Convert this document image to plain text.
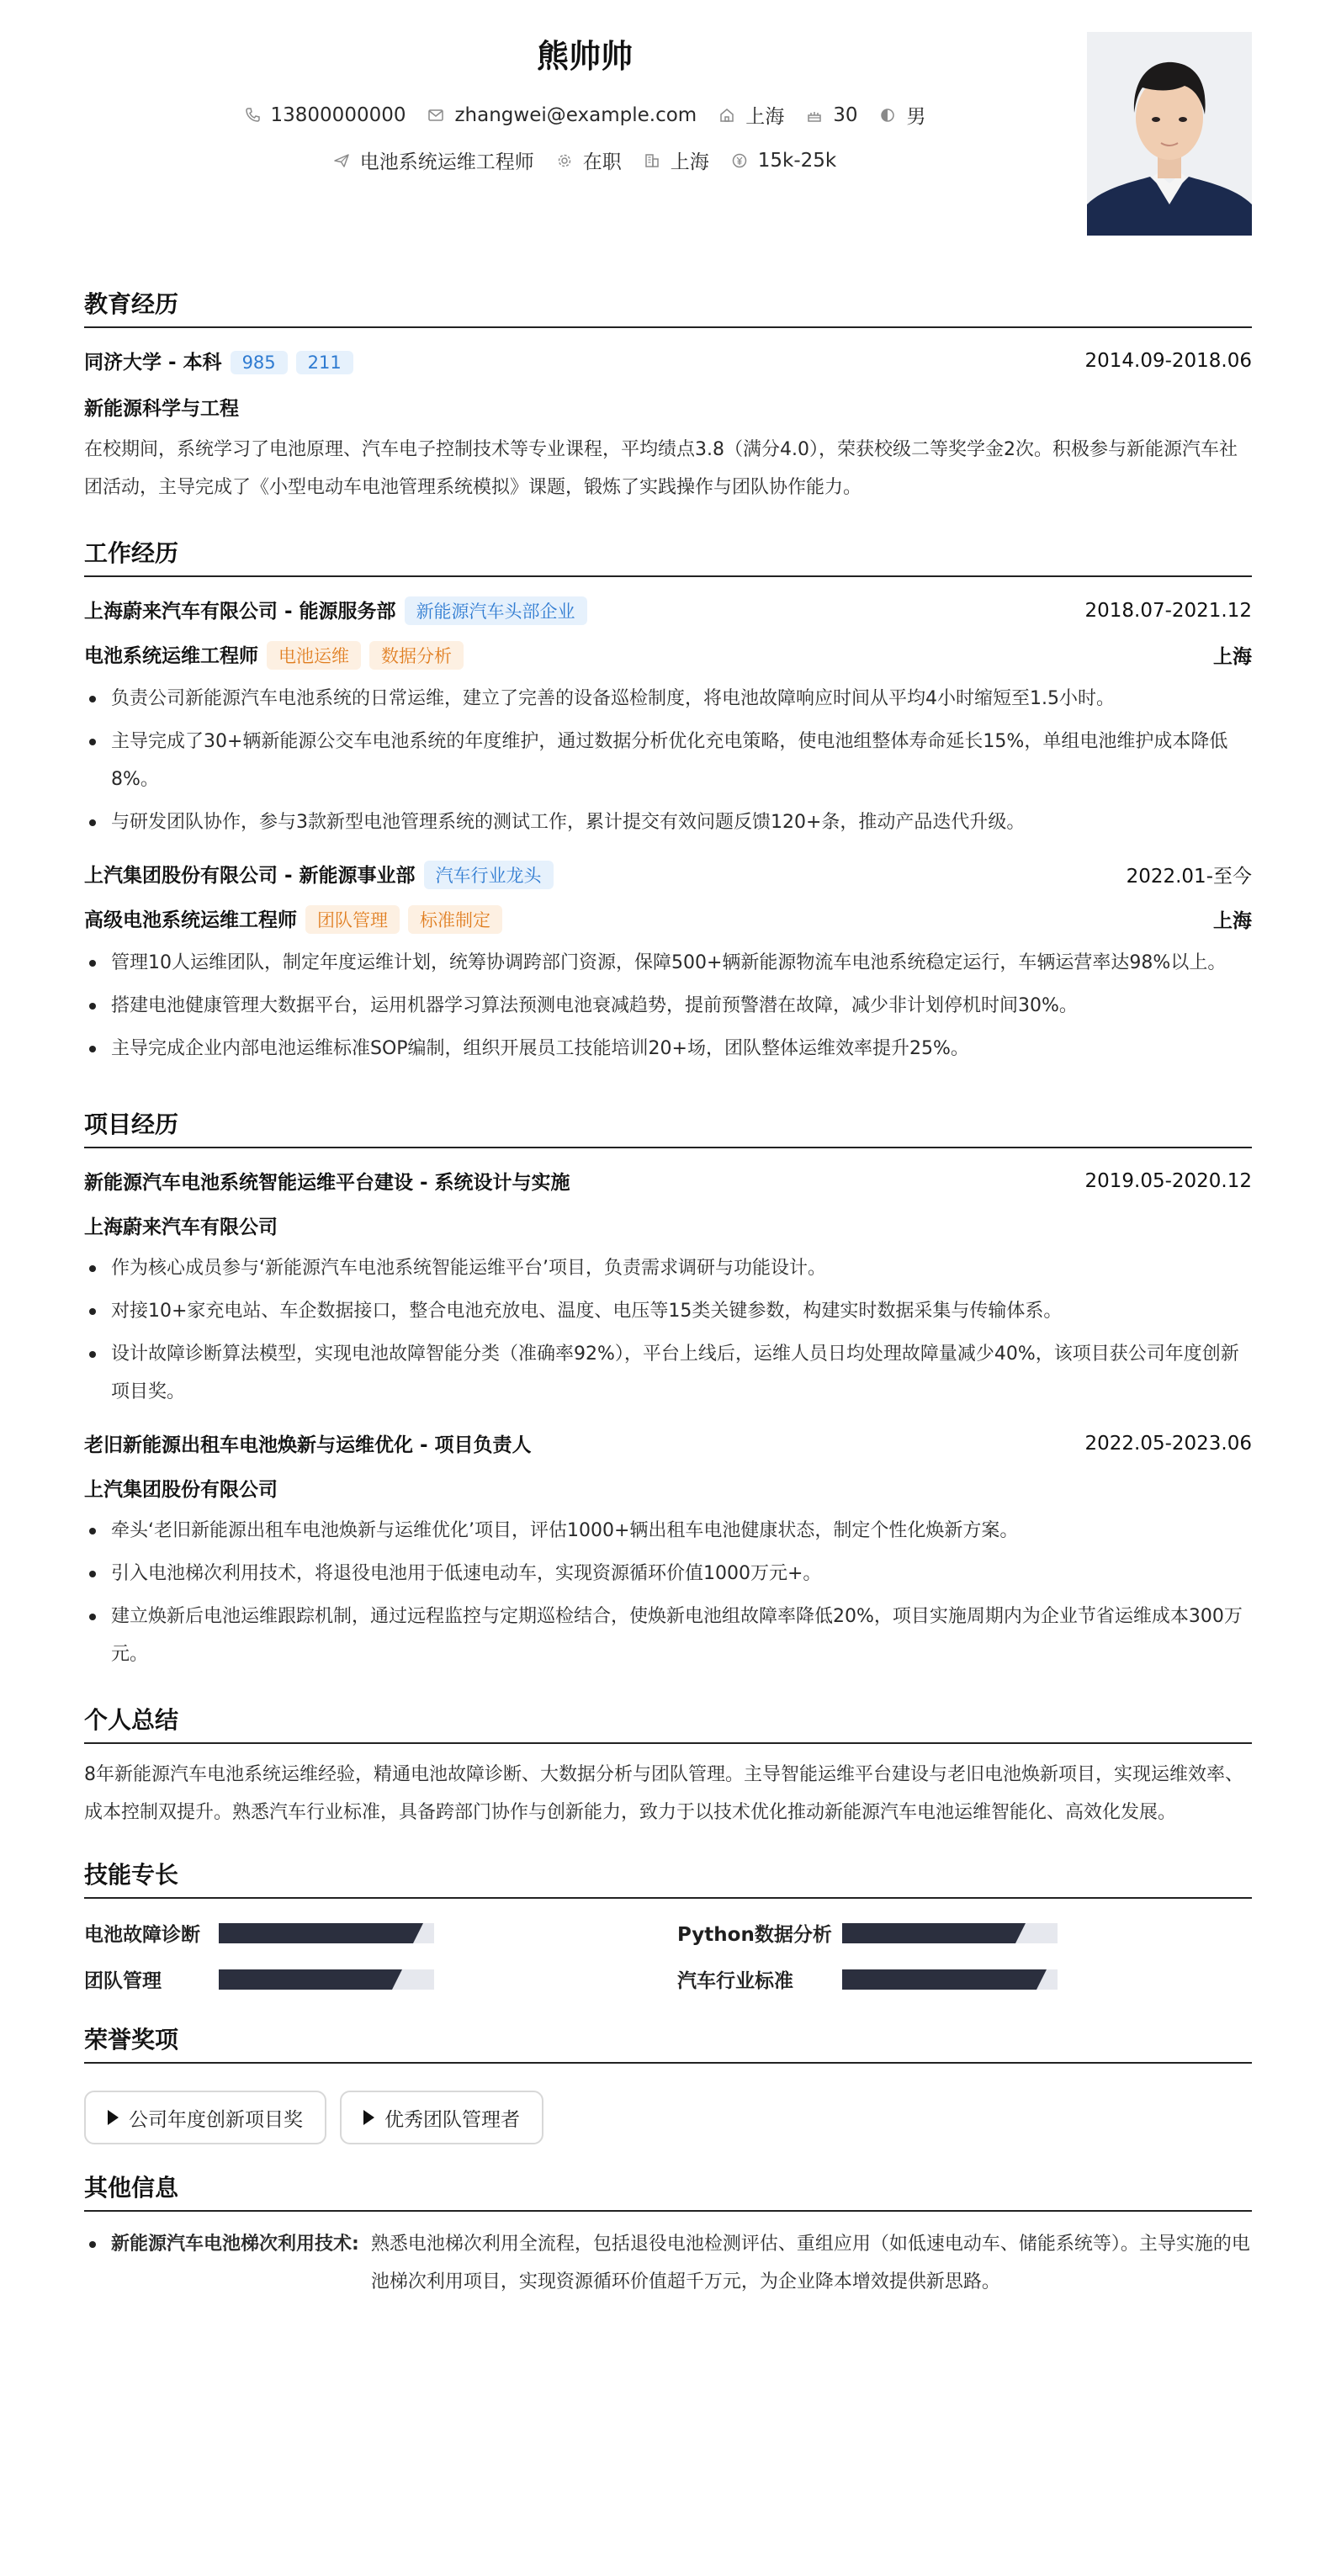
熊帅帅
13800000000	zhangwei@example.com	上海	30	男
电池系统运维工程师	在职	上海	15k-25k
教育经历
同济大学 - 本科 985 211	2014.09-2018.06
新能源科学与工程
在校期间，系统学习了电池原理、汽车电子控制技术等专业课程，平均绩点3.8（满分4.0），荣获校级二等奖学金2次。积极参与新能源汽车社团活动，主导完成了《小型电动车电池管理系统模拟》课题，锻炼了实践操作与团队协作能力。
工作经历
上海蔚来汽车有限公司 - 能源服务部 新能源汽车头部企业	2018.07-2021.12
电池系统运维工程师 电池运维 数据分析	上海
负责公司新能源汽车电池系统的日常运维，建立了完善的设备巡检制度，将电池故障响应时间从平均4小时缩短至1.5小时。
主导完成了30+辆新能源公交车电池系统的年度维护，通过数据分析优化充电策略，使电池组整体寿命延长15%，单组电池维护成本降低8%。
与研发团队协作，参与3款新型电池管理系统的测试工作，累计提交有效问题反馈120+条，推动产品迭代升级。
上汽集团股份有限公司 - 新能源事业部 汽车行业龙头	2022.01-至今
高级电池系统运维工程师 团队管理 标准制定	上海
管理10人运维团队，制定年度运维计划，统筹协调跨部门资源，保障500+辆新能源物流车电池系统稳定运行，车辆运营率达98%以上。
搭建电池健康管理大数据平台，运用机器学习算法预测电池衰减趋势，提前预警潜在故障，减少非计划停机时间30%。
主导完成企业内部电池运维标准SOP编制，组织开展员工技能培训20+场，团队整体运维效率提升25%。
项目经历
新能源汽车电池系统智能运维平台建设 - 系统设计与实施	2019.05-2020.12
上海蔚来汽车有限公司
作为核心成员参与‘新能源汽车电池系统智能运维平台’项目，负责需求调研与功能设计。
对接10+家充电站、车企数据接口，整合电池充放电、温度、电压等15类关键参数，构建实时数据采集与传输体系。
设计故障诊断算法模型，实现电池故障智能分类（准确率92%），平台上线后，运维人员日均处理故障量减少40%，该项目获公司年度创新项目奖。
老旧新能源出租车电池焕新与运维优化 - 项目负责人	2022.05-2023.06
上汽集团股份有限公司
牵头‘老旧新能源出租车电池焕新与运维优化’项目，评估1000+辆出租车电池健康状态，制定个性化焕新方案。
引入电池梯次利用技术，将退役电池用于低速电动车，实现资源循环价值1000万元+。
建立焕新后电池运维跟踪机制，通过远程监控与定期巡检结合，使焕新电池组故障率降低20%，项目实施周期内为企业节省运维成本300万元。
个人总结
8年新能源汽车电池系统运维经验，精通电池故障诊断、大数据分析与团队管理。主导智能运维平台建设与老旧电池焕新项目，实现运维效率、成本控制双提升。熟悉汽车行业标准，具备跨部门协作与创新能力，致力于以技术优化推动新能源汽车电池运维智能化、高效化发展。
技能专长
电池故障诊断	Python数据分析
团队管理	汽车行业标准
荣誉奖项
公司年度创新项目奖	优秀团队管理者
其他信息
新能源汽车电池梯次利用技术: 熟悉电池梯次利用全流程，包括退役电池检测评估、重组应用（如低速电动车、储能系统等）。主导实施的电池梯次利用项目，实现资源循环价值超千万元，为企业降本增效提供新思路。
